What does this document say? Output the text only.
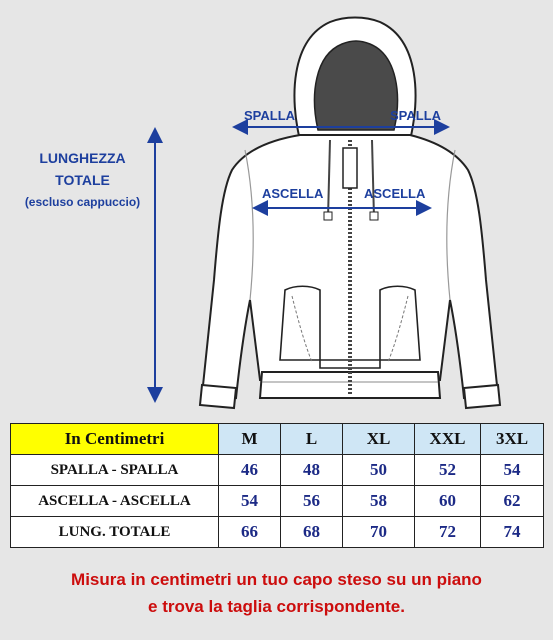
LUNGHEZZA
TOTALE
(escluso cappuccio)
SPALLA	SPALLA
ASCELLA	ASCELLA
In Centimetri	M	L	XL	XXL	3XL
SPALLA - SPALLA	46	48	50	52	54
ASCELLA - ASCELLA	54	56	58	60	62
LUNG. TOTALE	66	68	70	72	74
Misura in centimetri un tuo capo steso su un piano
e trova la taglia corrispondente.
